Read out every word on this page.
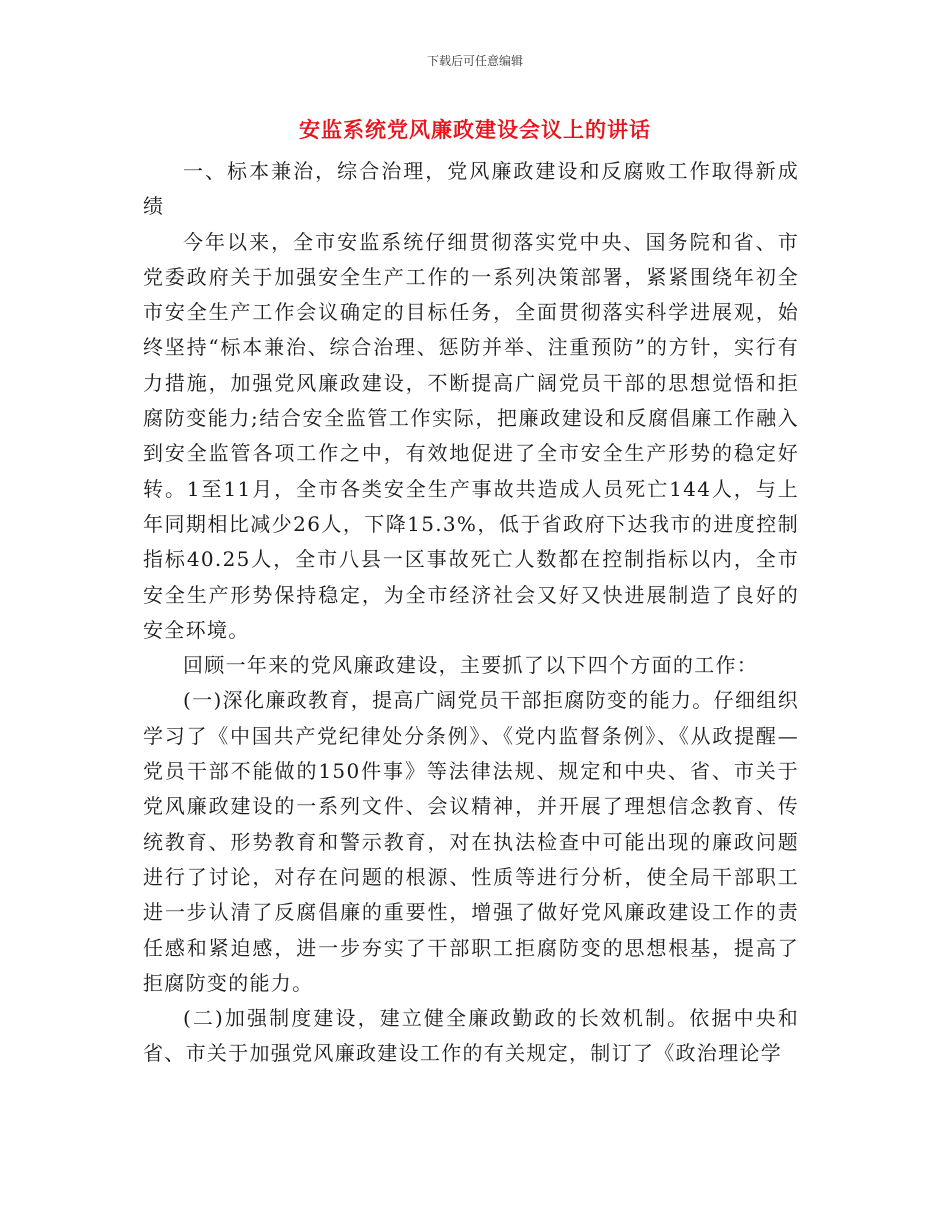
下载后可任意编辑
安监系统党风廉政建设会议上的讲话

一、标本兼治，综合治理，党风廉政建设和反腐败工作取得新成绩

今年以来，全市安监系统仔细贯彻落实党中央、国务院和省、市党委政府关于加强安全生产工作的一系列决策部署，紧紧围绕年初全市安全生产工作会议确定的目标任务，全面贯彻落实科学进展观，始终坚持“标本兼治、综合治理、惩防并举、注重预防”的方针，实行有力措施，加强党风廉政建设，不断提高广阔党员干部的思想觉悟和拒腐防变能力;结合安全监管工作实际，把廉政建设和反腐倡廉工作融入到安全监管各项工作之中，有效地促进了全市安全生产形势的稳定好转。1至11月，全市各类安全生产事故共造成人员死亡144人，与上年同期相比减少26人，下降15.3%，低于省政府下达我市的进度控制指标40.25人，全市八县一区事故死亡人数都在控制指标以内，全市安全生产形势保持稳定，为全市经济社会又好又快进展制造了良好的安全环境。

回顾一年来的党风廉政建设，主要抓了以下四个方面的工作：

(一)深化廉政教育，提高广阔党员干部拒腐防变的能力。仔细组织学习了《中国共产党纪律处分条例》、《党内监督条例》、《从政提醒—党员干部不能做的150件事》等法律法规、规定和中央、省、市关于党风廉政建设的一系列文件、会议精神，并开展了理想信念教育、传统教育、形势教育和警示教育，对在执法检查中可能出现的廉政问题进行了讨论，对存在问题的根源、性质等进行分析，使全局干部职工进一步认清了反腐倡廉的重要性，增强了做好党风廉政建设工作的责任感和紧迫感，进一步夯实了干部职工拒腐防变的思想根基，提高了拒腐防变的能力。

(二)加强制度建设，建立健全廉政勤政的长效机制。依据中央和省、市关于加强党风廉政建设工作的有关规定，制订了《政治理论学
